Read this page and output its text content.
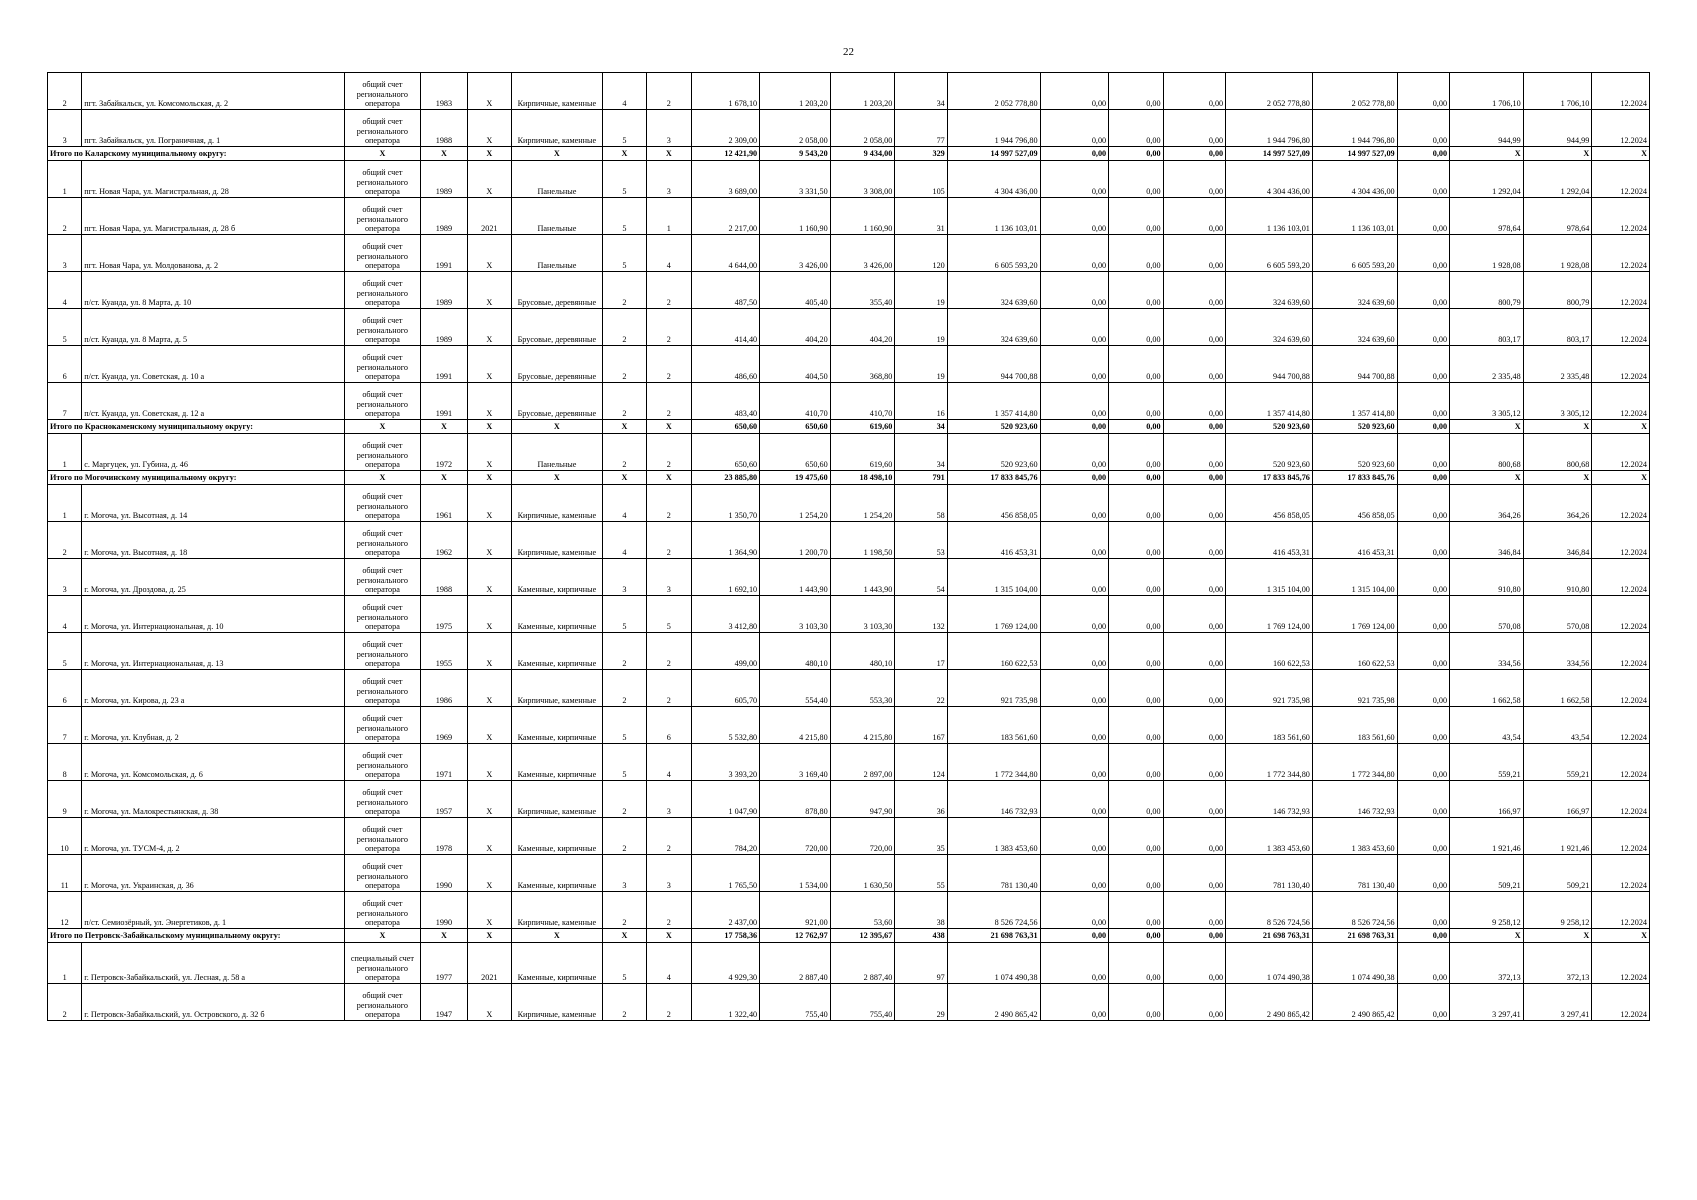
22
2	пгт. Забайкальск, ул. Комсомольская, д. 2	общий счет регионального оператора	1983	X	Кирпичные, каменные	4	2	1 678,10	1 203,20	1 203,20	34	2 052 778,80	0,00	0,00	0,00	2 052 778,80	2 052 778,80	0,00	1 706,10	1 706,10	12.2024
3	пгт. Забайкальск, ул. Пограничная, д. 1	общий счет регионального оператора	1988	X	Кирпичные, каменные	5	3	2 309,00	2 058,00	2 058,00	77	1 944 796,80	0,00	0,00	0,00	1 944 796,80	1 944 796,80	0,00	944,99	944,99	12.2024
Итого по Каларскому муниципальному округу:		X	X	X	X	X	X	12 421,90	9 543,20	9 434,00	329	14 997 527,09	0,00	0,00	0,00	14 997 527,09	14 997 527,09	0,00	X	X	X
1	пгт. Новая Чара, ул. Магистральная, д. 28	общий счет регионального оператора	1989	X	Панельные	5	3	3 689,00	3 331,50	3 308,00	105	4 304 436,00	0,00	0,00	0,00	4 304 436,00	4 304 436,00	0,00	1 292,04	1 292,04	12.2024
2	пгт. Новая Чара, ул. Магистральная, д. 28 б	общий счет регионального оператора	1989	2021	Панельные	5	1	2 217,00	1 160,90	1 160,90	31	1 136 103,01	0,00	0,00	0,00	1 136 103,01	1 136 103,01	0,00	978,64	978,64	12.2024
3	пгт. Новая Чара, ул. Молдованова, д. 2	общий счет регионального оператора	1991	X	Панельные	5	4	4 644,00	3 426,00	3 426,00	120	6 605 593,20	0,00	0,00	0,00	6 605 593,20	6 605 593,20	0,00	1 928,08	1 928,08	12.2024
4	п/ст. Куанда, ул. 8 Марта, д. 10	общий счет регионального оператора	1989	X	Брусовые, деревянные	2	2	487,50	405,40	355,40	19	324 639,60	0,00	0,00	0,00	324 639,60	324 639,60	0,00	800,79	800,79	12.2024
5	п/ст. Куанда, ул. 8 Марта, д. 5	общий счет регионального оператора	1989	X	Брусовые, деревянные	2	2	414,40	404,20	404,20	19	324 639,60	0,00	0,00	0,00	324 639,60	324 639,60	0,00	803,17	803,17	12.2024
6	п/ст. Куанда, ул. Советская, д. 10 а	общий счет регионального оператора	1991	X	Брусовые, деревянные	2	2	486,60	404,50	368,80	19	944 700,88	0,00	0,00	0,00	944 700,88	944 700,88	0,00	2 335,48	2 335,48	12.2024
7	п/ст. Куанда, ул. Советская, д. 12 а	общий счет регионального оператора	1991	X	Брусовые, деревянные	2	2	483,40	410,70	410,70	16	1 357 414,80	0,00	0,00	0,00	1 357 414,80	1 357 414,80	0,00	3 305,12	3 305,12	12.2024
Итого по Краснокаменскому муниципальному округу:		X	X	X	X	X	X	650,60	650,60	619,60	34	520 923,60	0,00	0,00	0,00	520 923,60	520 923,60	0,00	X	X	X
1	с. Маргуцек, ул. Губина, д. 46	общий счет регионального оператора	1972	X	Панельные	2	2	650,60	650,60	619,60	34	520 923,60	0,00	0,00	0,00	520 923,60	520 923,60	0,00	800,68	800,68	12.2024
Итого по Могочинскому муниципальному округу:		X	X	X	X	X	X	23 885,80	19 475,60	18 498,10	791	17 833 845,76	0,00	0,00	0,00	17 833 845,76	17 833 845,76	0,00	X	X	X
1	г. Могоча, ул. Высотная, д. 14	общий счет регионального оператора	1961	X	Кирпичные, каменные	4	2	1 350,70	1 254,20	1 254,20	58	456 858,05	0,00	0,00	0,00	456 858,05	456 858,05	0,00	364,26	364,26	12.2024
2	г. Могоча, ул. Высотная, д. 18	общий счет регионального оператора	1962	X	Кирпичные, каменные	4	2	1 364,90	1 200,70	1 198,50	53	416 453,31	0,00	0,00	0,00	416 453,31	416 453,31	0,00	346,84	346,84	12.2024
3	г. Могоча, ул. Дроздова, д. 25	общий счет регионального оператора	1988	X	Каменные, кирпичные	3	3	1 692,10	1 443,90	1 443,90	54	1 315 104,00	0,00	0,00	0,00	1 315 104,00	1 315 104,00	0,00	910,80	910,80	12.2024
4	г. Могоча, ул. Интернациональная, д. 10	общий счет регионального оператора	1975	X	Каменные, кирпичные	5	5	3 412,80	3 103,30	3 103,30	132	1 769 124,00	0,00	0,00	0,00	1 769 124,00	1 769 124,00	0,00	570,08	570,08	12.2024
5	г. Могоча, ул. Интернациональная, д. 13	общий счет регионального оператора	1955	X	Каменные, кирпичные	2	2	499,00	480,10	480,10	17	160 622,53	0,00	0,00	0,00	160 622,53	160 622,53	0,00	334,56	334,56	12.2024
6	г. Могоча, ул. Кирова, д. 23 а	общий счет регионального оператора	1986	X	Кирпичные, каменные	2	2	605,70	554,40	553,30	22	921 735,98	0,00	0,00	0,00	921 735,98	921 735,98	0,00	1 662,58	1 662,58	12.2024
7	г. Могоча, ул. Клубная, д. 2	общий счет регионального оператора	1969	X	Каменные, кирпичные	5	6	5 532,80	4 215,80	4 215,80	167	183 561,60	0,00	0,00	0,00	183 561,60	183 561,60	0,00	43,54	43,54	12.2024
8	г. Могоча, ул. Комсомольская, д. 6	общий счет регионального оператора	1971	X	Каменные, кирпичные	5	4	3 393,20	3 169,40	2 897,00	124	1 772 344,80	0,00	0,00	0,00	1 772 344,80	1 772 344,80	0,00	559,21	559,21	12.2024
9	г. Могоча, ул. Малокрестьянская, д. 38	общий счет регионального оператора	1957	X	Кирпичные, каменные	2	3	1 047,90	878,80	947,90	36	146 732,93	0,00	0,00	0,00	146 732,93	146 732,93	0,00	166,97	166,97	12.2024
10	г. Могоча, ул. ТУСМ-4, д. 2	общий счет регионального оператора	1978	X	Каменные, кирпичные	2	2	784,20	720,00	720,00	35	1 383 453,60	0,00	0,00	0,00	1 383 453,60	1 383 453,60	0,00	1 921,46	1 921,46	12.2024
11	г. Могоча, ул. Украинская, д. 36	общий счет регионального оператора	1990	X	Каменные, кирпичные	3	3	1 765,50	1 534,00	1 630,50	55	781 130,40	0,00	0,00	0,00	781 130,40	781 130,40	0,00	509,21	509,21	12.2024
12	п/ст. Семиозёрный, ул. Энергетиков, д. 1	общий счет регионального оператора	1990	X	Кирпичные, каменные	2	2	2 437,00	921,00	53,60	38	8 526 724,56	0,00	0,00	0,00	8 526 724,56	8 526 724,56	0,00	9 258,12	9 258,12	12.2024
Итого по Петровск-Забайкальскому муниципальному округу:		X	X	X	X	X	X	17 758,36	12 762,97	12 395,67	438	21 698 763,31	0,00	0,00	0,00	21 698 763,31	21 698 763,31	0,00	X	X	X
1	г. Петровск-Забайкальский, ул. Лесная, д. 58 а	специальный счет регионального оператора	1977	2021	Каменные, кирпичные	5	4	4 929,30	2 887,40	2 887,40	97	1 074 490,38	0,00	0,00	0,00	1 074 490,38	1 074 490,38	0,00	372,13	372,13	12.2024
2	г. Петровск-Забайкальский, ул. Островского, д. 32 б	общий счет регионального оператора	1947	X	Кирпичные, каменные	2	2	1 322,40	755,40	755,40	29	2 490 865,42	0,00	0,00	0,00	2 490 865,42	2 490 865,42	0,00	3 297,41	3 297,41	12.2024
